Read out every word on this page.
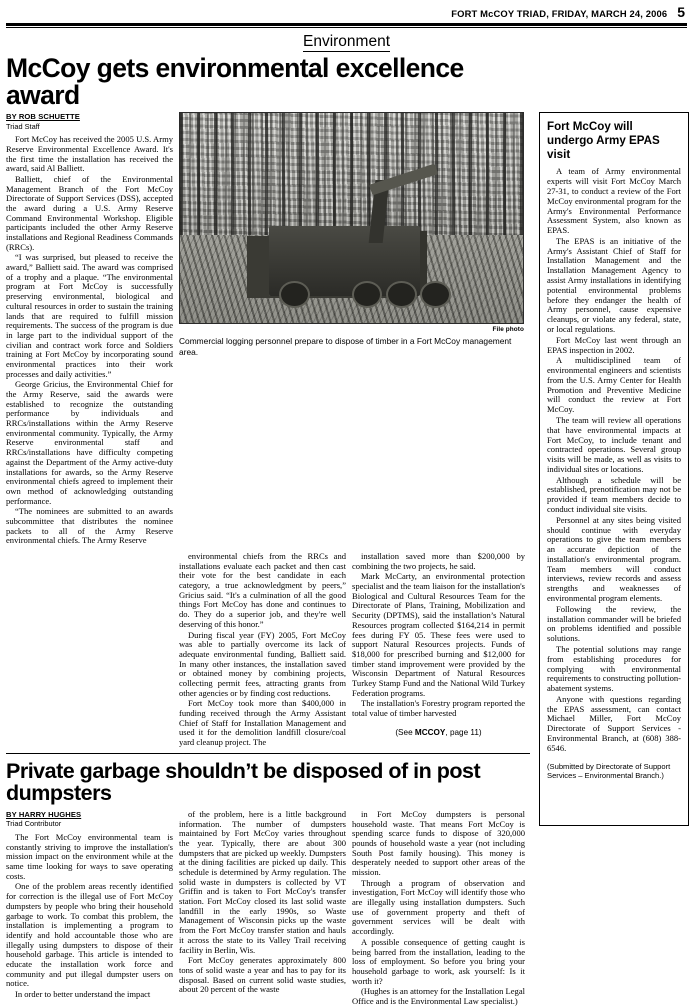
FORT McCOY TRIAD, FRIDAY, MARCH 24, 2006 5
Environment
McCoy gets environmental excellence award
BY ROB SCHUETTE
Triad Staff

Fort McCoy has received the 2005 U.S. Army Reserve Environmental Excellence Award. It's the first time the installation has received the award, said Al Balliett.

Balliett, chief of the Environmental Management Branch of the Fort McCoy Directorate of Support Services (DSS), accepted the award during a U.S. Army Reserve Command Environmental Workshop. Eligible participants included the other Army Reserve installations and Regional Readiness Commands (RRCs).

“I was surprised, but pleased to receive the award,” Balliett said. The award was comprised of a trophy and a plaque. “The environmental program at Fort McCoy is successfully preserving environmental, biological and cultural resources in order to sustain the training lands that are required to fulfill mission requirements. The success of the program is due in large part to the individual support of the civilian and contract work force and Soldiers training at Fort McCoy by incorporating sound environmental practices into their work processes and daily activities.”

George Gricius, the Environmental Chief for the Army Reserve, said the awards were established to recognize the outstanding performance by individuals and RRCs/installations within the Army Reserve environmental community. Typically, the Army Reserve environmental staff and RRCs/installations have difficulty competing against the Department of the Army active-duty installations for awards, so the Army Reserve environmental chiefs agreed to implement their own method of acknowledging outstanding performance.

“The nominees are submitted to an awards subcommittee that distributes the nominee packets to all of the Army Reserve environmental chiefs. The Army Reserve

File photo
Commercial logging personnel prepare to dispose of timber in a Fort McCoy management area.

environmental chiefs from the RRCs and installations evaluate each packet and then cast their vote for the best candidate in each category, a true acknowledgment by peers,” Gricius said. “It's a culmination of all the good things Fort McCoy has done and continues to do. They do a superior job, and they're well deserving of this honor.”

During fiscal year (FY) 2005, Fort McCoy was able to partially overcome its lack of adequate environmental funding, Balliett said. In many other instances, the installation saved or obtained money by combining projects, collecting permit fees, attracting grants from other agencies or by finding cost reductions.

Fort McCoy took more than $400,000 in funding received through the Army Assistant Chief of Staff for Installation Management and used it for the demolition landfill closure/coal yard cleanup project. The

installation saved more than $200,000 by combining the two projects, he said.

Mark McCarty, an environmental protection specialist and the team liaison for the installation's Biological and Cultural Resources Team for the Directorate of Plans, Training, Mobilization and Security (DPTMS), said the installation’s Natural Resources program collected $164,214 in permit fees during FY 05. These fees were used to support Natural Resources projects. Funds of $18,000 for prescribed burning and $12,000 for timber stand improvement were provided by the Wisconsin Department of Natural Resources Turkey Stamp Fund and the National Wild Turkey Federation programs.

The installation's Forestry program reported the total value of timber harvested

(See MCCOY, page 11)
Private garbage shouldn’t be disposed of in post dumpsters
BY HARRY HUGHES
Triad Contributor

The Fort McCoy environmental team is constantly striving to improve the installation's mission impact on the environment while at the same time looking for ways to save operating costs.

One of the problem areas recently identified for correction is the illegal use of Fort McCoy dumpsters by people who bring their household garbage to work. To combat this problem, the installation is implementing a program to identify and hold accountable those who are illegally using dumpsters to dispose of their household garbage. This article is intended to educate the installation work force and community and put illegal dumpster users on notice.

In order to better understand the impact

of the problem, here is a little background information. The number of dumpsters maintained by Fort McCoy varies throughout the year. Typically, there are about 300 dumpsters that are picked up weekly. Dumpsters at the dining facilities are picked up daily. This schedule is determined by Army regulation. The solid waste in dumpsters is collected by VT Griffin and is taken to Fort McCoy's transfer station. Fort McCoy closed its last solid waste landfill in the early 1990s, so Waste Management of Wisconsin picks up the waste from the Fort McCoy transfer station and hauls it across the state to its Valley Trail receiving facility in Berlin, Wis.

Fort McCoy generates approximately 800 tons of solid waste a year and has to pay for its disposal. Based on current solid waste studies, about 20 percent of the waste

in Fort McCoy dumpsters is personal household waste. That means Fort McCoy is spending scarce funds to dispose of 320,000 pounds of household waste a year (not including South Post family housing). This money is desperately needed to support other areas of the mission.

Through a program of observation and investigation, Fort McCoy will identify those who are illegally using installation dumpsters. Such use of government property and theft of government services will be dealt with accordingly.

A possible consequence of getting caught is being barred from the installation, leading to the loss of employment. So before you bring your household garbage to work, ask yourself: Is it worth it?

(Hughes is an attorney for the Installation Legal Office and is the Environmental Law specialist.)

Fort McCoy will undergo Army EPAS visit

A team of Army environmental experts will visit Fort McCoy March 27-31, to conduct a review of the Fort McCoy environmental program for the Army's Environmental Performance Assessment System, also known as EPAS.

The EPAS is an initiative of the Army's Assistant Chief of Staff for Installation Management and the Installation Management Agency to assist Army installations in identifying potential environmental problems before they endanger the health of Army personnel, cause expensive cleanups, or violate any federal, state, or local regulations.

Fort McCoy last went through an EPAS inspection in 2002.

A multidisciplined team of environmental engineers and scientists from the U.S. Army Center for Health Promotion and Preventive Medicine will conduct the review at Fort McCoy.

The team will review all operations that have environmental impacts at Fort McCoy, to include tenant and contracted operations. Several group visits will be made, as well as visits to individual sites or locations.

Although a schedule will be established, prenotification may not be provided if team members decide to conduct individual site visits.

Personnel at any sites being visited should continue with everyday operations to give the team members an accurate depiction of the installation's environmental program. Team members will conduct interviews, review records and assess strengths and weaknesses of environmental program elements.

Following the review, the installation commander will be briefed on problems identified and possible solutions.

The potential solutions may range from establishing procedures for complying with environmental requirements to constructing pollution-abatement systems.

Anyone with questions regarding the EPAS assessment, can contact Michael Miller, Fort McCoy Directorate of Support Services - Environmental Branch, at (608) 388-6546.

(Submitted by Directorate of Support Services – Environmental Branch.)
